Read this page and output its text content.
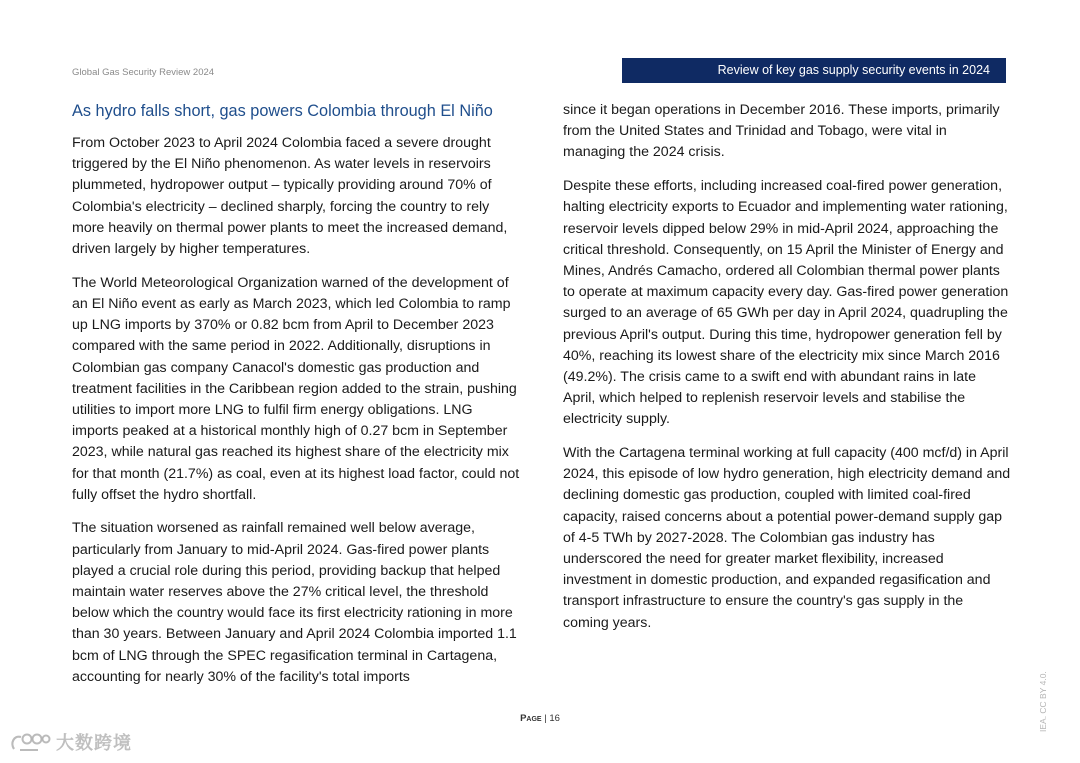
Global Gas Security Review 2024	Review of key gas supply security events in 2024
As hydro falls short, gas powers Colombia through El Niño

From October 2023 to April 2024 Colombia faced a severe drought triggered by the El Niño phenomenon. As water levels in reservoirs plummeted, hydropower output – typically providing around 70% of Colombia's electricity – declined sharply, forcing the country to rely more heavily on thermal power plants to meet the increased demand, driven largely by higher temperatures.

The World Meteorological Organization warned of the development of an El Niño event as early as March 2023, which led Colombia to ramp up LNG imports by 370% or 0.82 bcm from April to December 2023 compared with the same period in 2022. Additionally, disruptions in Colombian gas company Canacol's domestic gas production and treatment facilities in the Caribbean region added to the strain, pushing utilities to import more LNG to fulfil firm energy obligations. LNG imports peaked at a historical monthly high of 0.27 bcm in September 2023, while natural gas reached its highest share of the electricity mix for that month (21.7%) as coal, even at its highest load factor, could not fully offset the hydro shortfall.

The situation worsened as rainfall remained well below average, particularly from January to mid-April 2024. Gas-fired power plants played a crucial role during this period, providing backup that helped maintain water reserves above the 27% critical level, the threshold below which the country would face its first electricity rationing in more than 30 years. Between January and April 2024 Colombia imported 1.1 bcm of LNG through the SPEC regasification terminal in Cartagena, accounting for nearly 30% of the facility's total imports

since it began operations in December 2016. These imports, primarily from the United States and Trinidad and Tobago, were vital in managing the 2024 crisis.

Despite these efforts, including increased coal-fired power generation, halting electricity exports to Ecuador and implementing water rationing, reservoir levels dipped below 29% in mid-April 2024, approaching the critical threshold. Consequently, on 15 April the Minister of Energy and Mines, Andrés Camacho, ordered all Colombian thermal power plants to operate at maximum capacity every day. Gas-fired power generation surged to an average of 65 GWh per day in April 2024, quadrupling the previous April's output. During this time, hydropower generation fell by 40%, reaching its lowest share of the electricity mix since March 2016 (49.2%). The crisis came to a swift end with abundant rains in late April, which helped to replenish reservoir levels and stabilise the electricity supply.

With the Cartagena terminal working at full capacity (400 mcf/d) in April 2024, this episode of low hydro generation, high electricity demand and declining domestic gas production, coupled with limited coal-fired capacity, raised concerns about a potential power-demand supply gap of 4-5 TWh by 2027-2028. The Colombian gas industry has underscored the need for greater market flexibility, increased investment in domestic production, and expanded regasification and transport infrastructure to ensure the country's gas supply in the coming years.

Page | 16	IEA. CC BY 4.0.
大数跨境
